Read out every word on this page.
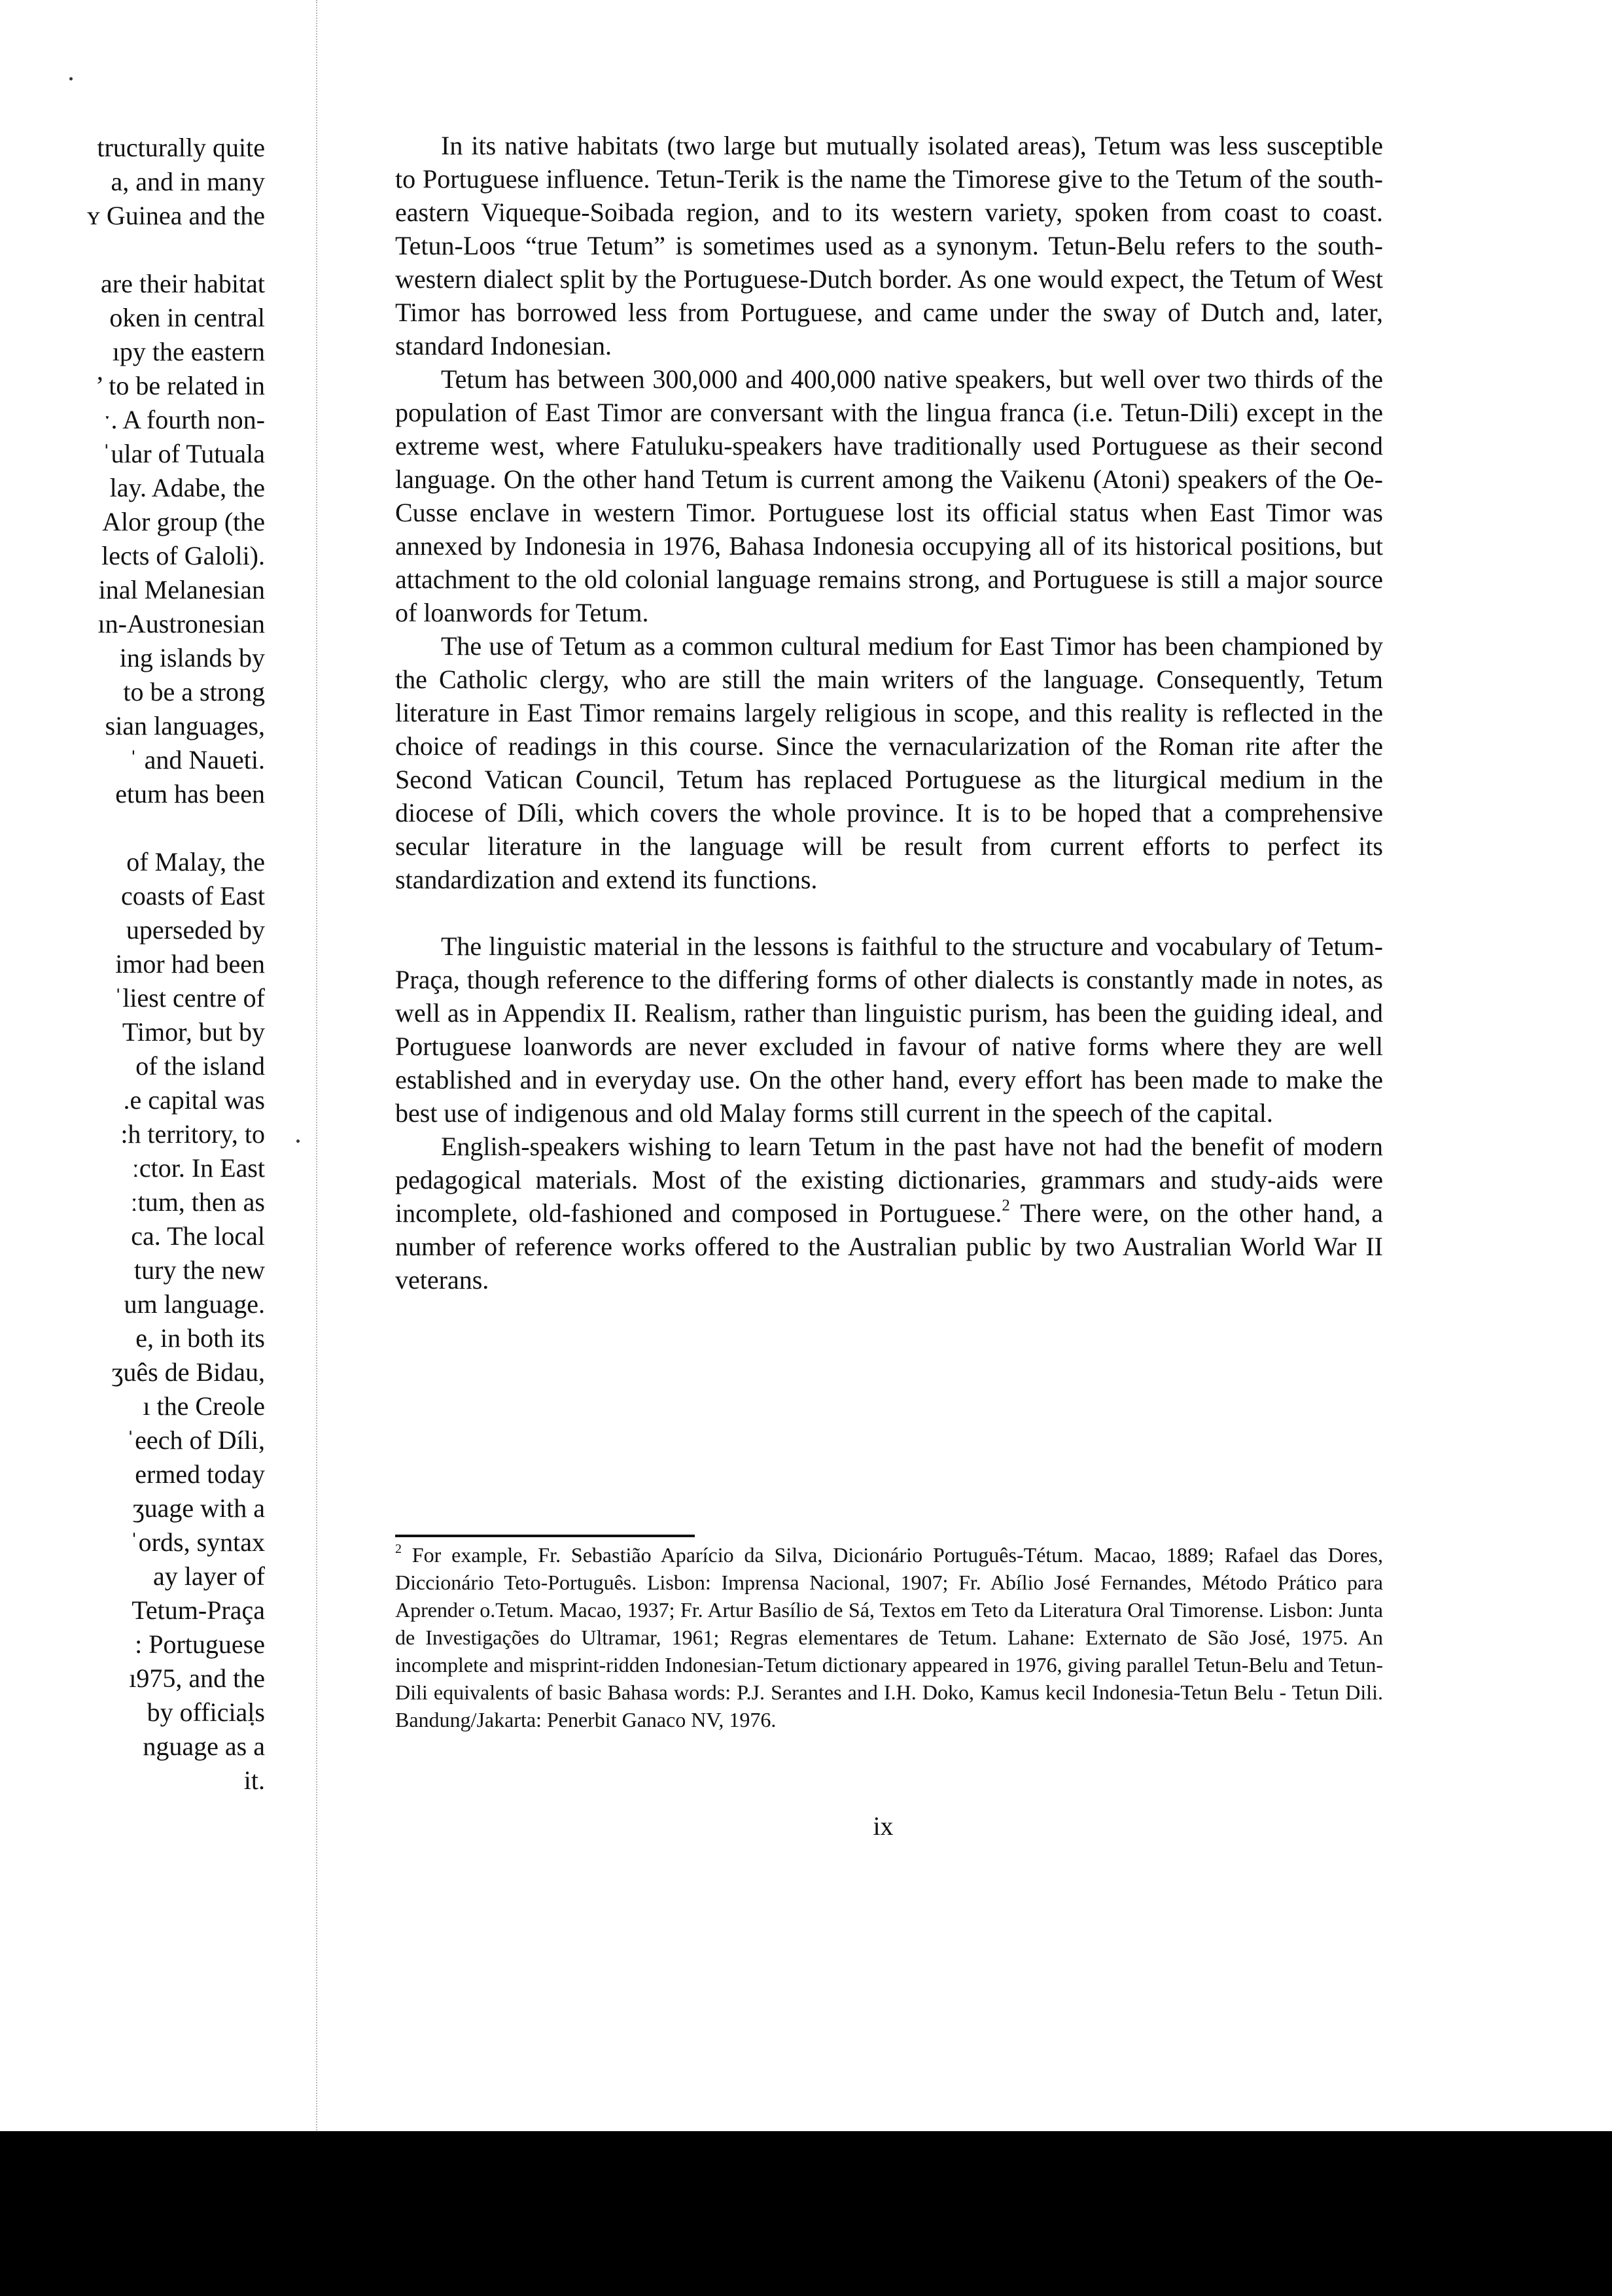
tructurally quite
a, and in many
ʏ Guinea and the
are their habitat
oken in central
ıpy the eastern
’ to be related in
ˑ. A fourth non-
ˈular of Tutuala
lay. Adabe, the
Alor group (the
lects of Galoli).
inal Melanesian
ın-Austronesian
ing islands by
to be a strong
sian languages,
ˈ and Naueti.
etum has been
of Malay, the
coasts of East
uperseded by
imor had been
ˈliest centre of
Timor, but by
of the island
.e capital was
:h territory, to
ːctor. In East
ːtum, then as
ca. The local
tury the new
um language.
e, in both its
ʒuês de Bidau,
ı the Creole
ˈeech of Díli,
ermed today
ʒuage with a
ˈords, syntax
ay layer of
Tetum-Praça
: Portuguese
ı975, and the
by officials
nguage as a
it.

In its native habitats (two large but mutually isolated areas), Tetum was less susceptible to Portuguese influence. Tetun-Terik is the name the Timorese give to the Tetum of the south-eastern Viqueque-Soibada region, and to its western variety, spoken from coast to coast. Tetun-Loos “true Tetum” is sometimes used as a synonym. Tetun-Belu refers to the south-western dialect split by the Portuguese-Dutch border. As one would expect, the Tetum of West Timor has borrowed less from Portuguese, and came under the sway of Dutch and, later, standard Indonesian.

Tetum has between 300,000 and 400,000 native speakers, but well over two thirds of the population of East Timor are conversant with the lingua franca (i.e. Tetun-Dili) except in the extreme west, where Fatuluku-speakers have traditionally used Portuguese as their second language. On the other hand Tetum is current among the Vaikenu (Atoni) speakers of the Oe-Cusse enclave in western Timor. Portuguese lost its official status when East Timor was annexed by Indonesia in 1976, Bahasa Indonesia occupying all of its historical positions, but attachment to the old colonial language remains strong, and Portuguese is still a major source of loanwords for Tetum.

The use of Tetum as a common cultural medium for East Timor has been championed by the Catholic clergy, who are still the main writers of the language. Consequently, Tetum literature in East Timor remains largely religious in scope, and this reality is reflected in the choice of readings in this course. Since the vernacularization of the Roman rite after the Second Vatican Council, Tetum has replaced Portuguese as the liturgical medium in the diocese of Díli, which covers the whole province. It is to be hoped that a comprehensive secular literature in the language will be result from current efforts to perfect its standardization and extend its functions.

The linguistic material in the lessons is faithful to the structure and vocabulary of Tetum-Praça, though reference to the differing forms of other dialects is constantly made in notes, as well as in Appendix II. Realism, rather than linguistic purism, has been the guiding ideal, and Portuguese loanwords are never excluded in favour of native forms where they are well established and in everyday use. On the other hand, every effort has been made to make the best use of indigenous and old Malay forms still current in the speech of the capital.

English-speakers wishing to learn Tetum in the past have not had the benefit of modern pedagogical materials. Most of the existing dictionaries, grammars and study-aids were incomplete, old-fashioned and composed in Portuguese.$^2$ There were, on the other hand, a number of reference works offered to the Australian public by two Australian World War II veterans.

$^2$ For example, Fr. Sebastião Aparício da Silva, Dicionário Português-Tétum. Macao, 1889; Rafael das Dores, Diccionário Teto-Português. Lisbon: Imprensa Nacional, 1907; Fr. Abílio José Fernandes, Método Prático para Aprender o.Tetum. Macao, 1937; Fr. Artur Basílio de Sá, Textos em Teto da Literatura Oral Timorense. Lisbon: Junta de Investigações do Ultramar, 1961; Regras elementares de Tetum. Lahane: Externato de São José, 1975. An incomplete and misprint-ridden Indonesian-Tetum dictionary appeared in 1976, giving parallel Tetun-Belu and Tetun-Dili equivalents of basic Bahasa words: P.J. Serantes and I.H. Doko, Kamus kecil Indonesia-Tetun Belu - Tetun Dili. Bandung/Jakarta: Penerbit Ganaco NV, 1976.
ix
